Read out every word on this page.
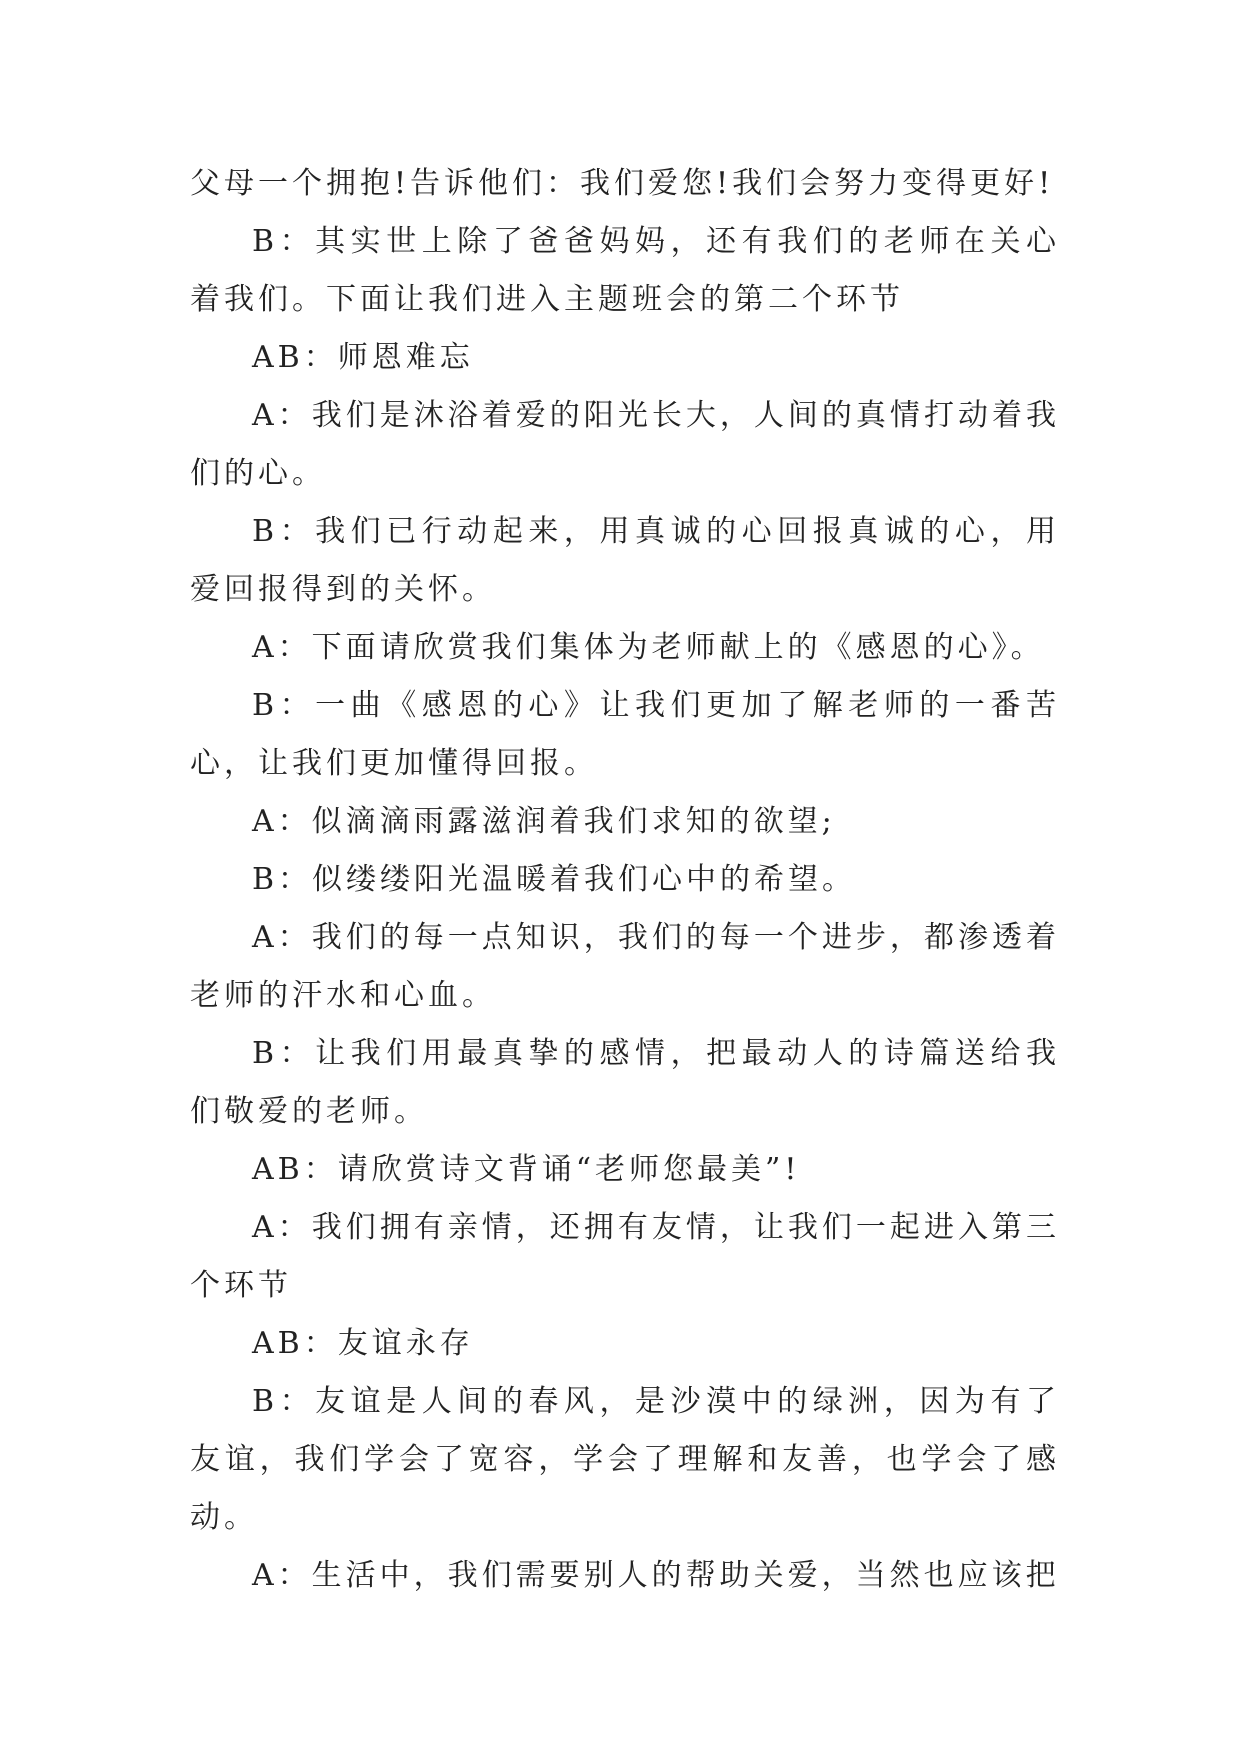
父母一个拥抱!告诉他们：我们爱您!我们会努力变得更好!

B：其实世上除了爸爸妈妈，还有我们的老师在关心着我们。下面让我们进入主题班会的第二个环节

AB：师恩难忘

A：我们是沐浴着爱的阳光长大，人间的真情打动着我们的心。

B：我们已行动起来，用真诚的心回报真诚的心，用爱回报得到的关怀。

A：下面请欣赏我们集体为老师献上的《感恩的心》。

B：一曲《感恩的心》让我们更加了解老师的一番苦心，让我们更加懂得回报。

A：似滴滴雨露滋润着我们求知的欲望;

B：似缕缕阳光温暖着我们心中的希望。

A：我们的每一点知识，我们的每一个进步，都渗透着老师的汗水和心血。

B：让我们用最真挚的感情，把最动人的诗篇送给我们敬爱的老师。

AB：请欣赏诗文背诵“老师您最美”!

A：我们拥有亲情，还拥有友情，让我们一起进入第三个环节

AB：友谊永存

B：友谊是人间的春风，是沙漠中的绿洲，因为有了友谊，我们学会了宽容，学会了理解和友善，也学会了感动。

A：生活中，我们需要别人的帮助关爱，当然也应该把
